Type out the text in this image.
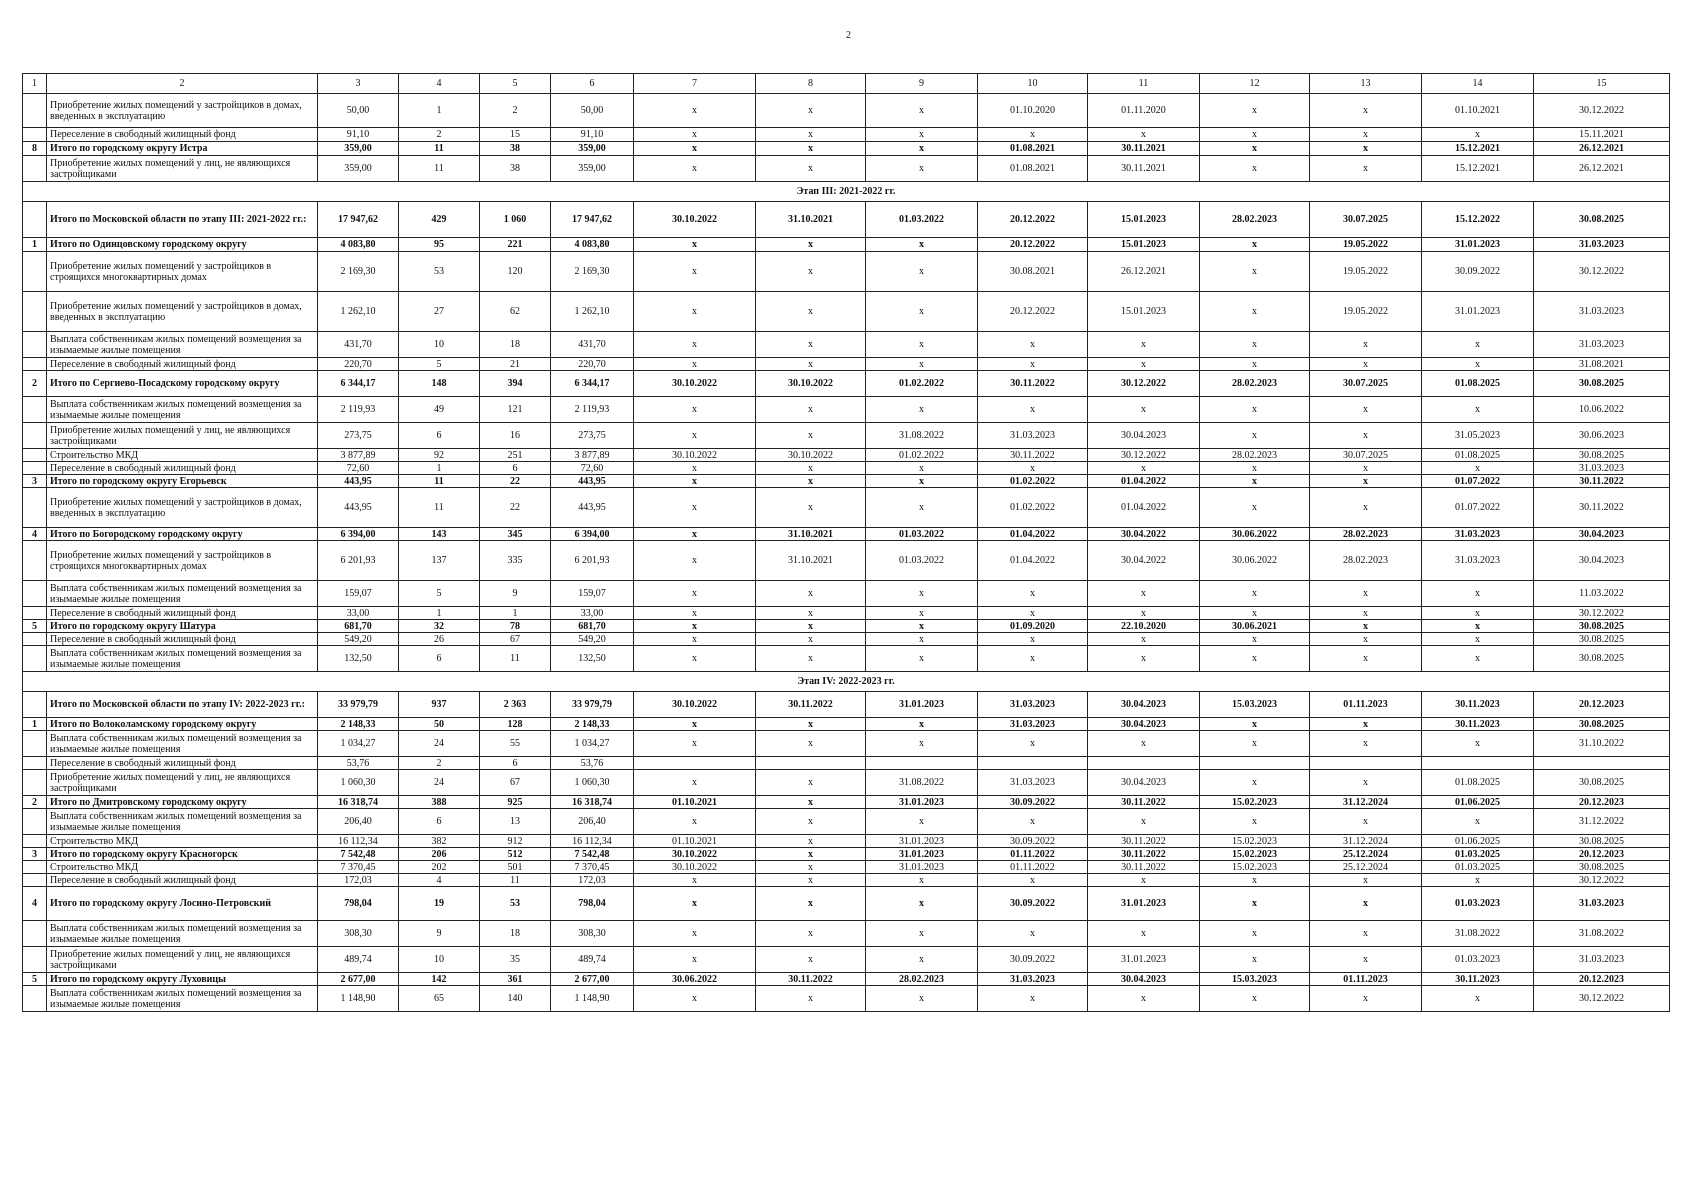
2
1	2	3	4	5	6	7	8	9	10	11	12	13	14	15
	Приобретение жилых помещений у застройщиков в домах, введенных в эксплуатацию	50,00	1	2	50,00	x	x	x	01.10.2020	01.11.2020	x	x	01.10.2021	30.12.2022
	Переселение в свободный жилищный фонд	91,10	2	15	91,10	x	x	x	x	x	x	x	x	15.11.2021
8	Итого по городскому округу Истра	359,00	11	38	359,00	x	x	x	01.08.2021	30.11.2021	x	x	15.12.2021	26.12.2021
	Приобретение жилых помещений у лиц, не являющихся застройщиками	359,00	11	38	359,00	x	x	x	01.08.2021	30.11.2021	x	x	15.12.2021	26.12.2021
Этап III: 2021-2022 гг.														
	Итого по Московской области по этапу III: 2021-2022 гг.:	17 947,62	429	1 060	17 947,62	30.10.2022	31.10.2021	01.03.2022	20.12.2022	15.01.2023	28.02.2023	30.07.2025	15.12.2022	30.08.2025
1	Итого по Одинцовскому городскому округу	4 083,80	95	221	4 083,80	x	x	x	20.12.2022	15.01.2023	x	19.05.2022	31.01.2023	31.03.2023
	Приобретение жилых помещений у застройщиков в строящихся многоквартирных домах	2 169,30	53	120	2 169,30	x	x	x	30.08.2021	26.12.2021	x	19.05.2022	30.09.2022	30.12.2022
	Приобретение жилых помещений у застройщиков в домах, введенных в эксплуатацию	1 262,10	27	62	1 262,10	x	x	x	20.12.2022	15.01.2023	x	19.05.2022	31.01.2023	31.03.2023
	Выплата собственникам жилых помещений возмещения за изымаемые жилые помещения	431,70	10	18	431,70	x	x	x	x	x	x	x	x	31.03.2023
	Переселение в свободный жилищный фонд	220,70	5	21	220,70	x	x	x	x	x	x	x	x	31.08.2021
2	Итого по Сергиево-Посадскому городскому округу	6 344,17	148	394	6 344,17	30.10.2022	30.10.2022	01.02.2022	30.11.2022	30.12.2022	28.02.2023	30.07.2025	01.08.2025	30.08.2025
	Выплата собственникам жилых помещений возмещения за изымаемые жилые помещения	2 119,93	49	121	2 119,93	x	x	x	x	x	x	x	x	10.06.2022
	Приобретение жилых помещений у лиц, не являющихся застройщиками	273,75	6	16	273,75	x	x	31.08.2022	31.03.2023	30.04.2023	x	x	31.05.2023	30.06.2023
	Строительство МКД	3 877,89	92	251	3 877,89	30.10.2022	30.10.2022	01.02.2022	30.11.2022	30.12.2022	28.02.2023	30.07.2025	01.08.2025	30.08.2025
	Переселение в свободный жилищный фонд	72,60	1	6	72,60	x	x	x	x	x	x	x	x	31.03.2023
3	Итого по городскому округу Егорьевск	443,95	11	22	443,95	x	x	x	01.02.2022	01.04.2022	x	x	01.07.2022	30.11.2022
	Приобретение жилых помещений у застройщиков в домах, введенных в эксплуатацию	443,95	11	22	443,95	x	x	x	01.02.2022	01.04.2022	x	x	01.07.2022	30.11.2022
4	Итого по Богородскому городскому округу	6 394,00	143	345	6 394,00	x	31.10.2021	01.03.2022	01.04.2022	30.04.2022	30.06.2022	28.02.2023	31.03.2023	30.04.2023
	Приобретение жилых помещений у застройщиков в строящихся многоквартирных домах	6 201,93	137	335	6 201,93	x	31.10.2021	01.03.2022	01.04.2022	30.04.2022	30.06.2022	28.02.2023	31.03.2023	30.04.2023
	Выплата собственникам жилых помещений возмещения за изымаемые жилые помещения	159,07	5	9	159,07	x	x	x	x	x	x	x	x	11.03.2022
	Переселение в свободный жилищный фонд	33,00	1	1	33,00	x	x	x	x	x	x	x	x	30.12.2022
5	Итого по городскому округу Шатура	681,70	32	78	681,70	x	x	x	01.09.2020	22.10.2020	30.06.2021	x	x	30.08.2025
	Переселение в свободный жилищный фонд	549,20	26	67	549,20	x	x	x	x	x	x	x	x	30.08.2025
	Выплата собственникам жилых помещений возмещения за изымаемые жилые помещения	132,50	6	11	132,50	x	x	x	x	x	x	x	x	30.08.2025
Этап IV: 2022-2023 гг.														
	Итого по Московской области по этапу IV: 2022-2023 гг.:	33 979,79	937	2 363	33 979,79	30.10.2022	30.11.2022	31.01.2023	31.03.2023	30.04.2023	15.03.2023	01.11.2023	30.11.2023	20.12.2023
1	Итого по Волоколамскому городскому округу	2 148,33	50	128	2 148,33	x	x	x	31.03.2023	30.04.2023	x	x	30.11.2023	30.08.2025
	Выплата собственникам жилых помещений возмещения за изымаемые жилые помещения	1 034,27	24	55	1 034,27	x	x	x	x	x	x	x	x	31.10.2022
	Переселение в свободный жилищный фонд	53,76	2	6	53,76									
	Приобретение жилых помещений у лиц, не являющихся застройщиками	1 060,30	24	67	1 060,30	x	x	31.08.2022	31.03.2023	30.04.2023	x	x	01.08.2025	30.08.2025
2	Итого по Дмитровскому городскому округу	16 318,74	388	925	16 318,74	01.10.2021	x	31.01.2023	30.09.2022	30.11.2022	15.02.2023	31.12.2024	01.06.2025	20.12.2023
	Выплата собственникам жилых помещений возмещения за изымаемые жилые помещения	206,40	6	13	206,40	x	x	x	x	x	x	x	x	31.12.2022
	Строительство МКД	16 112,34	382	912	16 112,34	01.10.2021	x	31.01.2023	30.09.2022	30.11.2022	15.02.2023	31.12.2024	01.06.2025	30.08.2025
3	Итого по городскому округу Красногорск	7 542,48	206	512	7 542,48	30.10.2022	x	31.01.2023	01.11.2022	30.11.2022	15.02.2023	25.12.2024	01.03.2025	20.12.2023
	Строительство МКД	7 370,45	202	501	7 370,45	30.10.2022	x	31.01.2023	01.11.2022	30.11.2022	15.02.2023	25.12.2024	01.03.2025	30.08.2025
	Переселение в свободный жилищный фонд	172,03	4	11	172,03	x	x	x	x	x	x	x	x	30.12.2022
4	Итого по городскому округу Лосино-Петровский	798,04	19	53	798,04	x	x	x	30.09.2022	31.01.2023	x	x	01.03.2023	31.03.2023
	Выплата собственникам жилых помещений возмещения за изымаемые жилые помещения	308,30	9	18	308,30	x	x	x	x	x	x	x	31.08.2022	31.08.2022
	Приобретение жилых помещений у лиц, не являющихся застройщиками	489,74	10	35	489,74	x	x	x	30.09.2022	31.01.2023	x	x	01.03.2023	31.03.2023
5	Итого по городскому округу Луховицы	2 677,00	142	361	2 677,00	30.06.2022	30.11.2022	28.02.2023	31.03.2023	30.04.2023	15.03.2023	01.11.2023	30.11.2023	20.12.2023
	Выплата собственникам жилых помещений возмещения за изымаемые жилые помещения	1 148,90	65	140	1 148,90	x	x	x	x	x	x	x	x	30.12.2022
